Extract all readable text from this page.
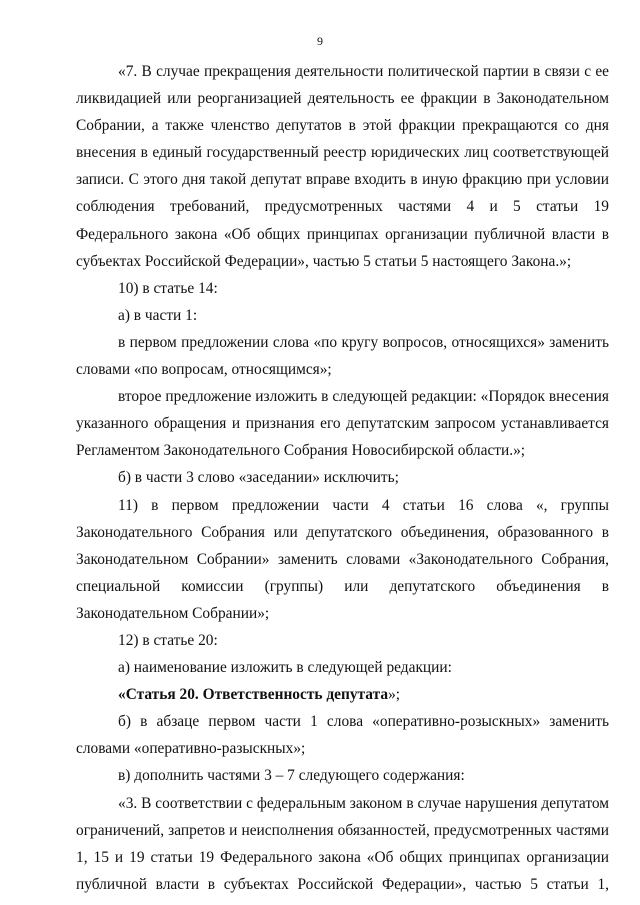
9

«7. В случае прекращения деятельности политической партии в связи с ее ликвидацией или реорганизацией деятельность ее фракции в Законодательном Собрании, а также членство депутатов в этой фракции прекращаются со дня внесения в единый государственный реестр юридических лиц соответствующей записи. С этого дня такой депутат вправе входить в иную фракцию при условии соблюдения требований, предусмотренных частями 4 и 5 статьи 19 Федерального закона «Об общих принципах организации публичной власти в субъектах Российской Федерации», частью 5 статьи 5 настоящего Закона.»;

10) в статье 14:

а) в части 1:

в первом предложении слова «по кругу вопросов, относящихся» заменить словами «по вопросам, относящимся»;

второе предложение изложить в следующей редакции: «Порядок внесения указанного обращения и признания его депутатским запросом устанавливается Регламентом Законодательного Собрания Новосибирской области.»;

б) в части 3 слово «заседании» исключить;

11) в первом предложении части 4 статьи 16 слова «, группы Законодательного Собрания или депутатского объединения, образованного в Законодательном Собрании» заменить словами «Законодательного Собрания, специальной комиссии (группы) или депутатского объединения в Законодательном Собрании»;

12) в статье 20:

а) наименование изложить в следующей редакции:

«Статья 20. Ответственность депутата»;

б) в абзаце первом части 1 слова «оперативно-розыскных» заменить словами «оперативно-разыскных»;

в) дополнить частями 3 – 7 следующего содержания:

«3. В соответствии с федеральным законом в случае нарушения депутатом ограничений, запретов и неисполнения обязанностей, предусмотренных частями 1, 15 и 19 статьи 19 Федерального закона «Об общих принципах организации публичной власти в субъектах Российской Федерации», частью 5 статьи 1,
